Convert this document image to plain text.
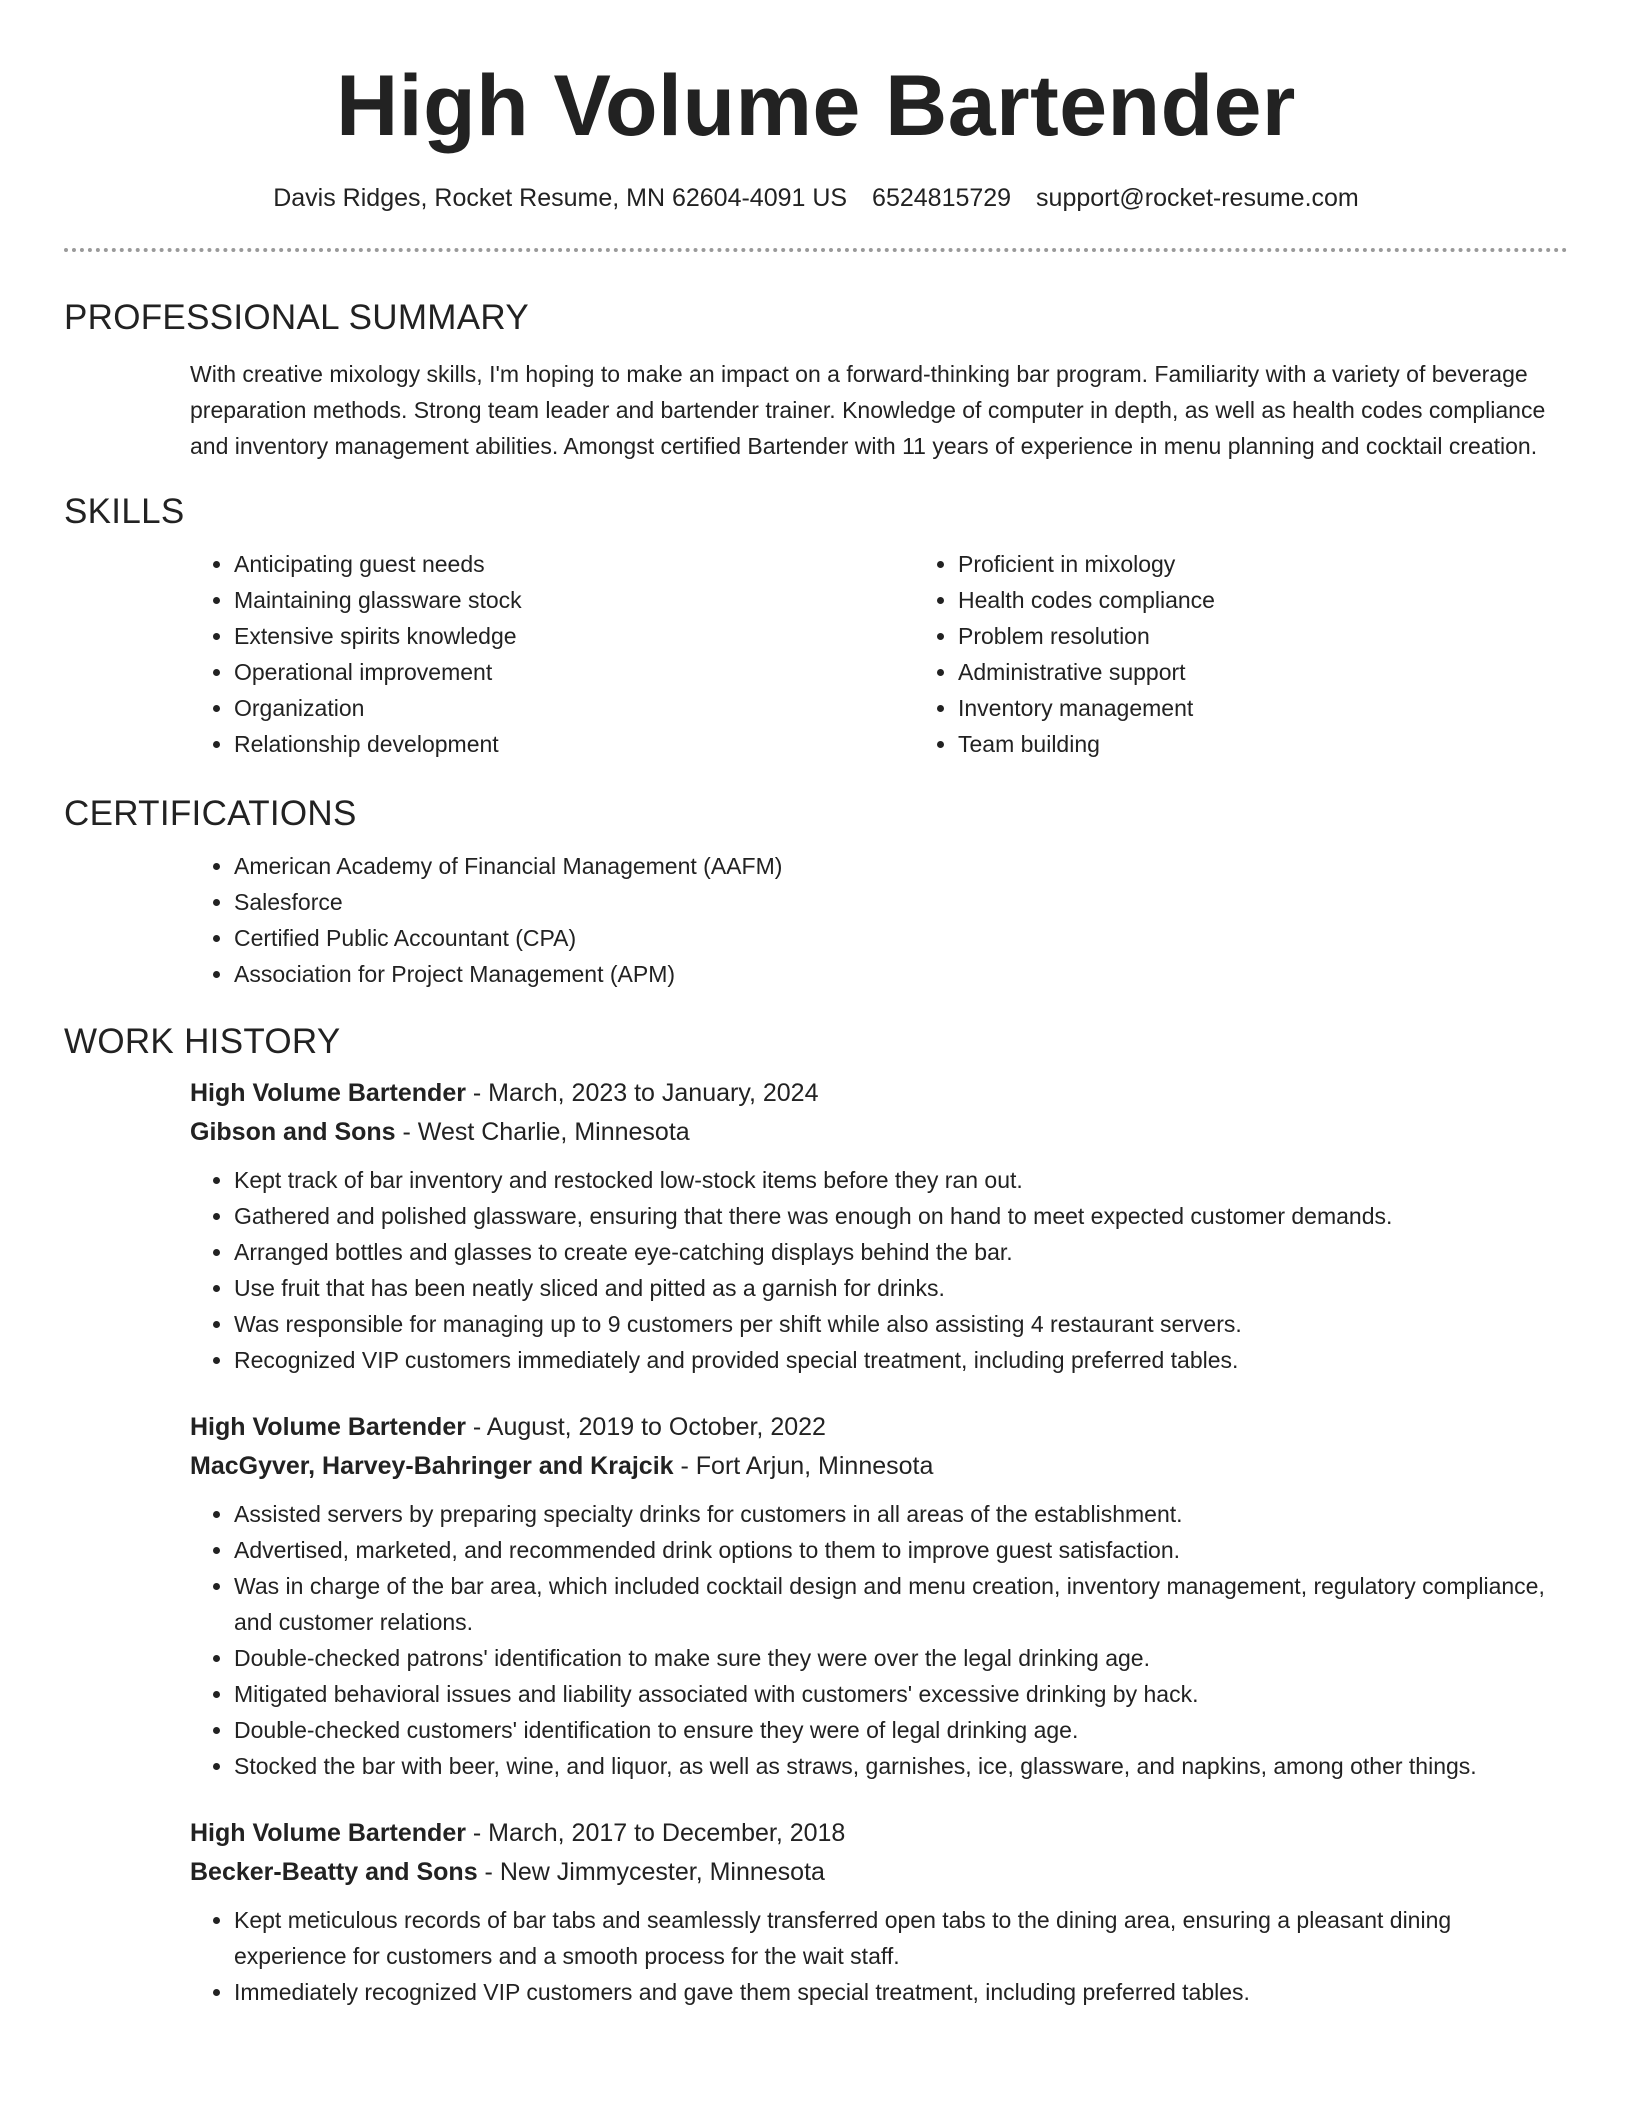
High Volume Bartender
Davis Ridges, Rocket Resume, MN 62604-4091 US 6524815729 support@rocket-resume.com
PROFESSIONAL SUMMARY

With creative mixology skills, I'm hoping to make an impact on a forward-thinking bar program. Familiarity with a variety of beverage preparation methods. Strong team leader and bartender trainer. Knowledge of computer in depth, as well as health codes compliance and inventory management abilities. Amongst certified Bartender with 11 years of experience in menu planning and cocktail creation.

SKILLS
• Anticipating guest needs
• Maintaining glassware stock
• Extensive spirits knowledge
• Operational improvement
• Organization
• Relationship development
• Proficient in mixology
• Health codes compliance
• Problem resolution
• Administrative support
• Inventory management
• Team building
CERTIFICATIONS
• American Academy of Financial Management (AAFM)
• Salesforce
• Certified Public Accountant (CPA)
• Association for Project Management (APM)
WORK HISTORY
High Volume Bartender - March, 2023 to January, 2024
Gibson and Sons - West Charlie, Minnesota
• Kept track of bar inventory and restocked low-stock items before they ran out.
• Gathered and polished glassware, ensuring that there was enough on hand to meet expected customer demands.
• Arranged bottles and glasses to create eye-catching displays behind the bar.
• Use fruit that has been neatly sliced and pitted as a garnish for drinks.
• Was responsible for managing up to 9 customers per shift while also assisting 4 restaurant servers.
• Recognized VIP customers immediately and provided special treatment, including preferred tables.
High Volume Bartender - August, 2019 to October, 2022
MacGyver, Harvey-Bahringer and Krajcik - Fort Arjun, Minnesota
• Assisted servers by preparing specialty drinks for customers in all areas of the establishment.
• Advertised, marketed, and recommended drink options to them to improve guest satisfaction.
• Was in charge of the bar area, which included cocktail design and menu creation, inventory management, regulatory compliance, and customer relations.
• Double-checked patrons' identification to make sure they were over the legal drinking age.
• Mitigated behavioral issues and liability associated with customers' excessive drinking by hack.
• Double-checked customers' identification to ensure they were of legal drinking age.
• Stocked the bar with beer, wine, and liquor, as well as straws, garnishes, ice, glassware, and napkins, among other things.
High Volume Bartender - March, 2017 to December, 2018
Becker-Beatty and Sons - New Jimmycester, Minnesota
• Kept meticulous records of bar tabs and seamlessly transferred open tabs to the dining area, ensuring a pleasant dining experience for customers and a smooth process for the wait staff.
• Immediately recognized VIP customers and gave them special treatment, including preferred tables.
